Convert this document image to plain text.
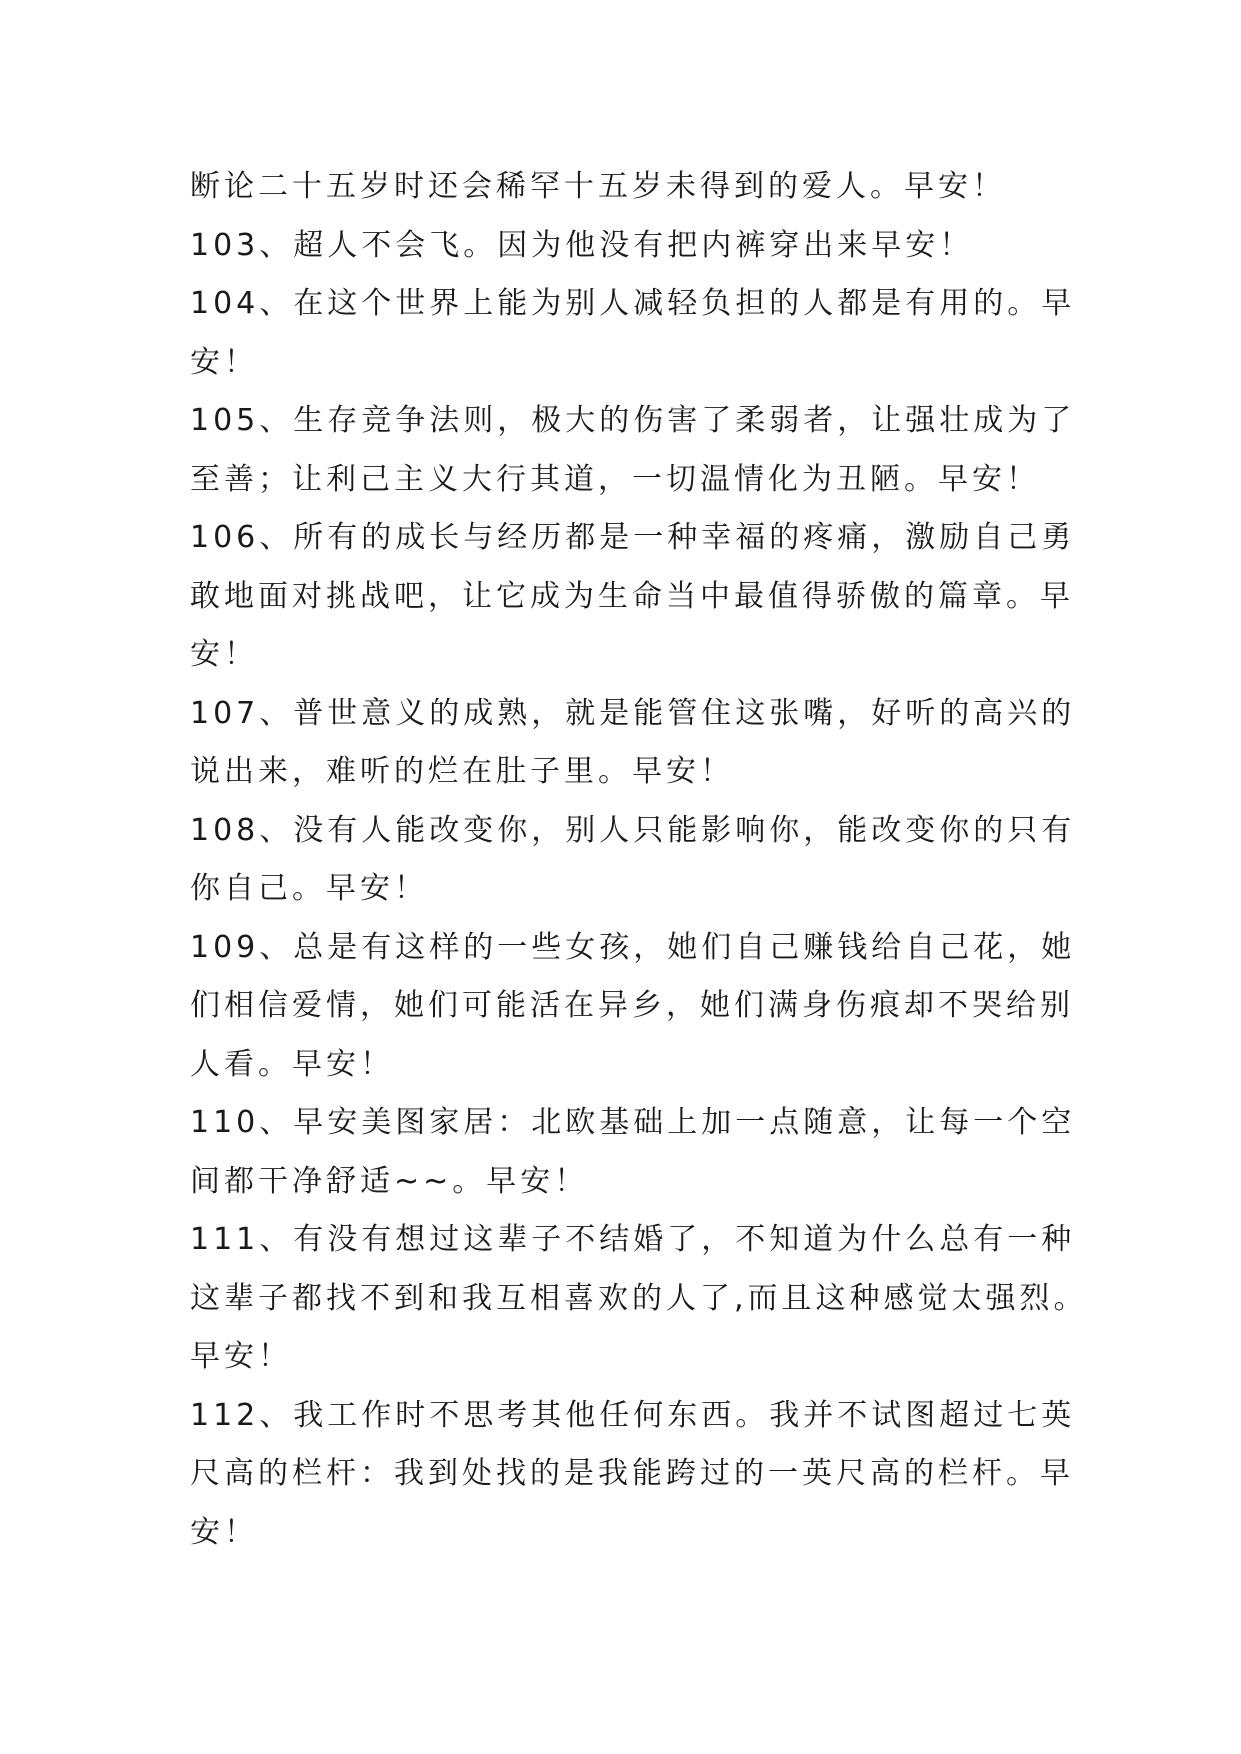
断论二十五岁时还会稀罕十五岁未得到的爱人。早安！
103、超人不会飞。因为他没有把内裤穿出来早安！
104、在这个世界上能为别人减轻负担的人都是有用的。早
安！
105、生存竞争法则，极大的伤害了柔弱者，让强壮成为了
至善；让利己主义大行其道，一切温情化为丑陋。早安！
106、所有的成长与经历都是一种幸福的疼痛，激励自己勇
敢地面对挑战吧，让它成为生命当中最值得骄傲的篇章。早
安！
107、普世意义的成熟，就是能管住这张嘴，好听的高兴的
说出来，难听的烂在肚子里。早安！
108、没有人能改变你，别人只能影响你，能改变你的只有
你自己。早安！
109、总是有这样的一些女孩，她们自己赚钱给自己花，她
们相信爱情，她们可能活在异乡，她们满身伤痕却不哭给别
人看。早安！
110、早安美图家居：北欧基础上加一点随意，让每一个空
间都干净舒适~~。早安！
111、有没有想过这辈子不结婚了，不知道为什么总有一种
这辈子都找不到和我互相喜欢的人了,而且这种感觉太强烈。
早安！
112、我工作时不思考其他任何东西。我并不试图超过七英
尺高的栏杆：我到处找的是我能跨过的一英尺高的栏杆。早
安！
